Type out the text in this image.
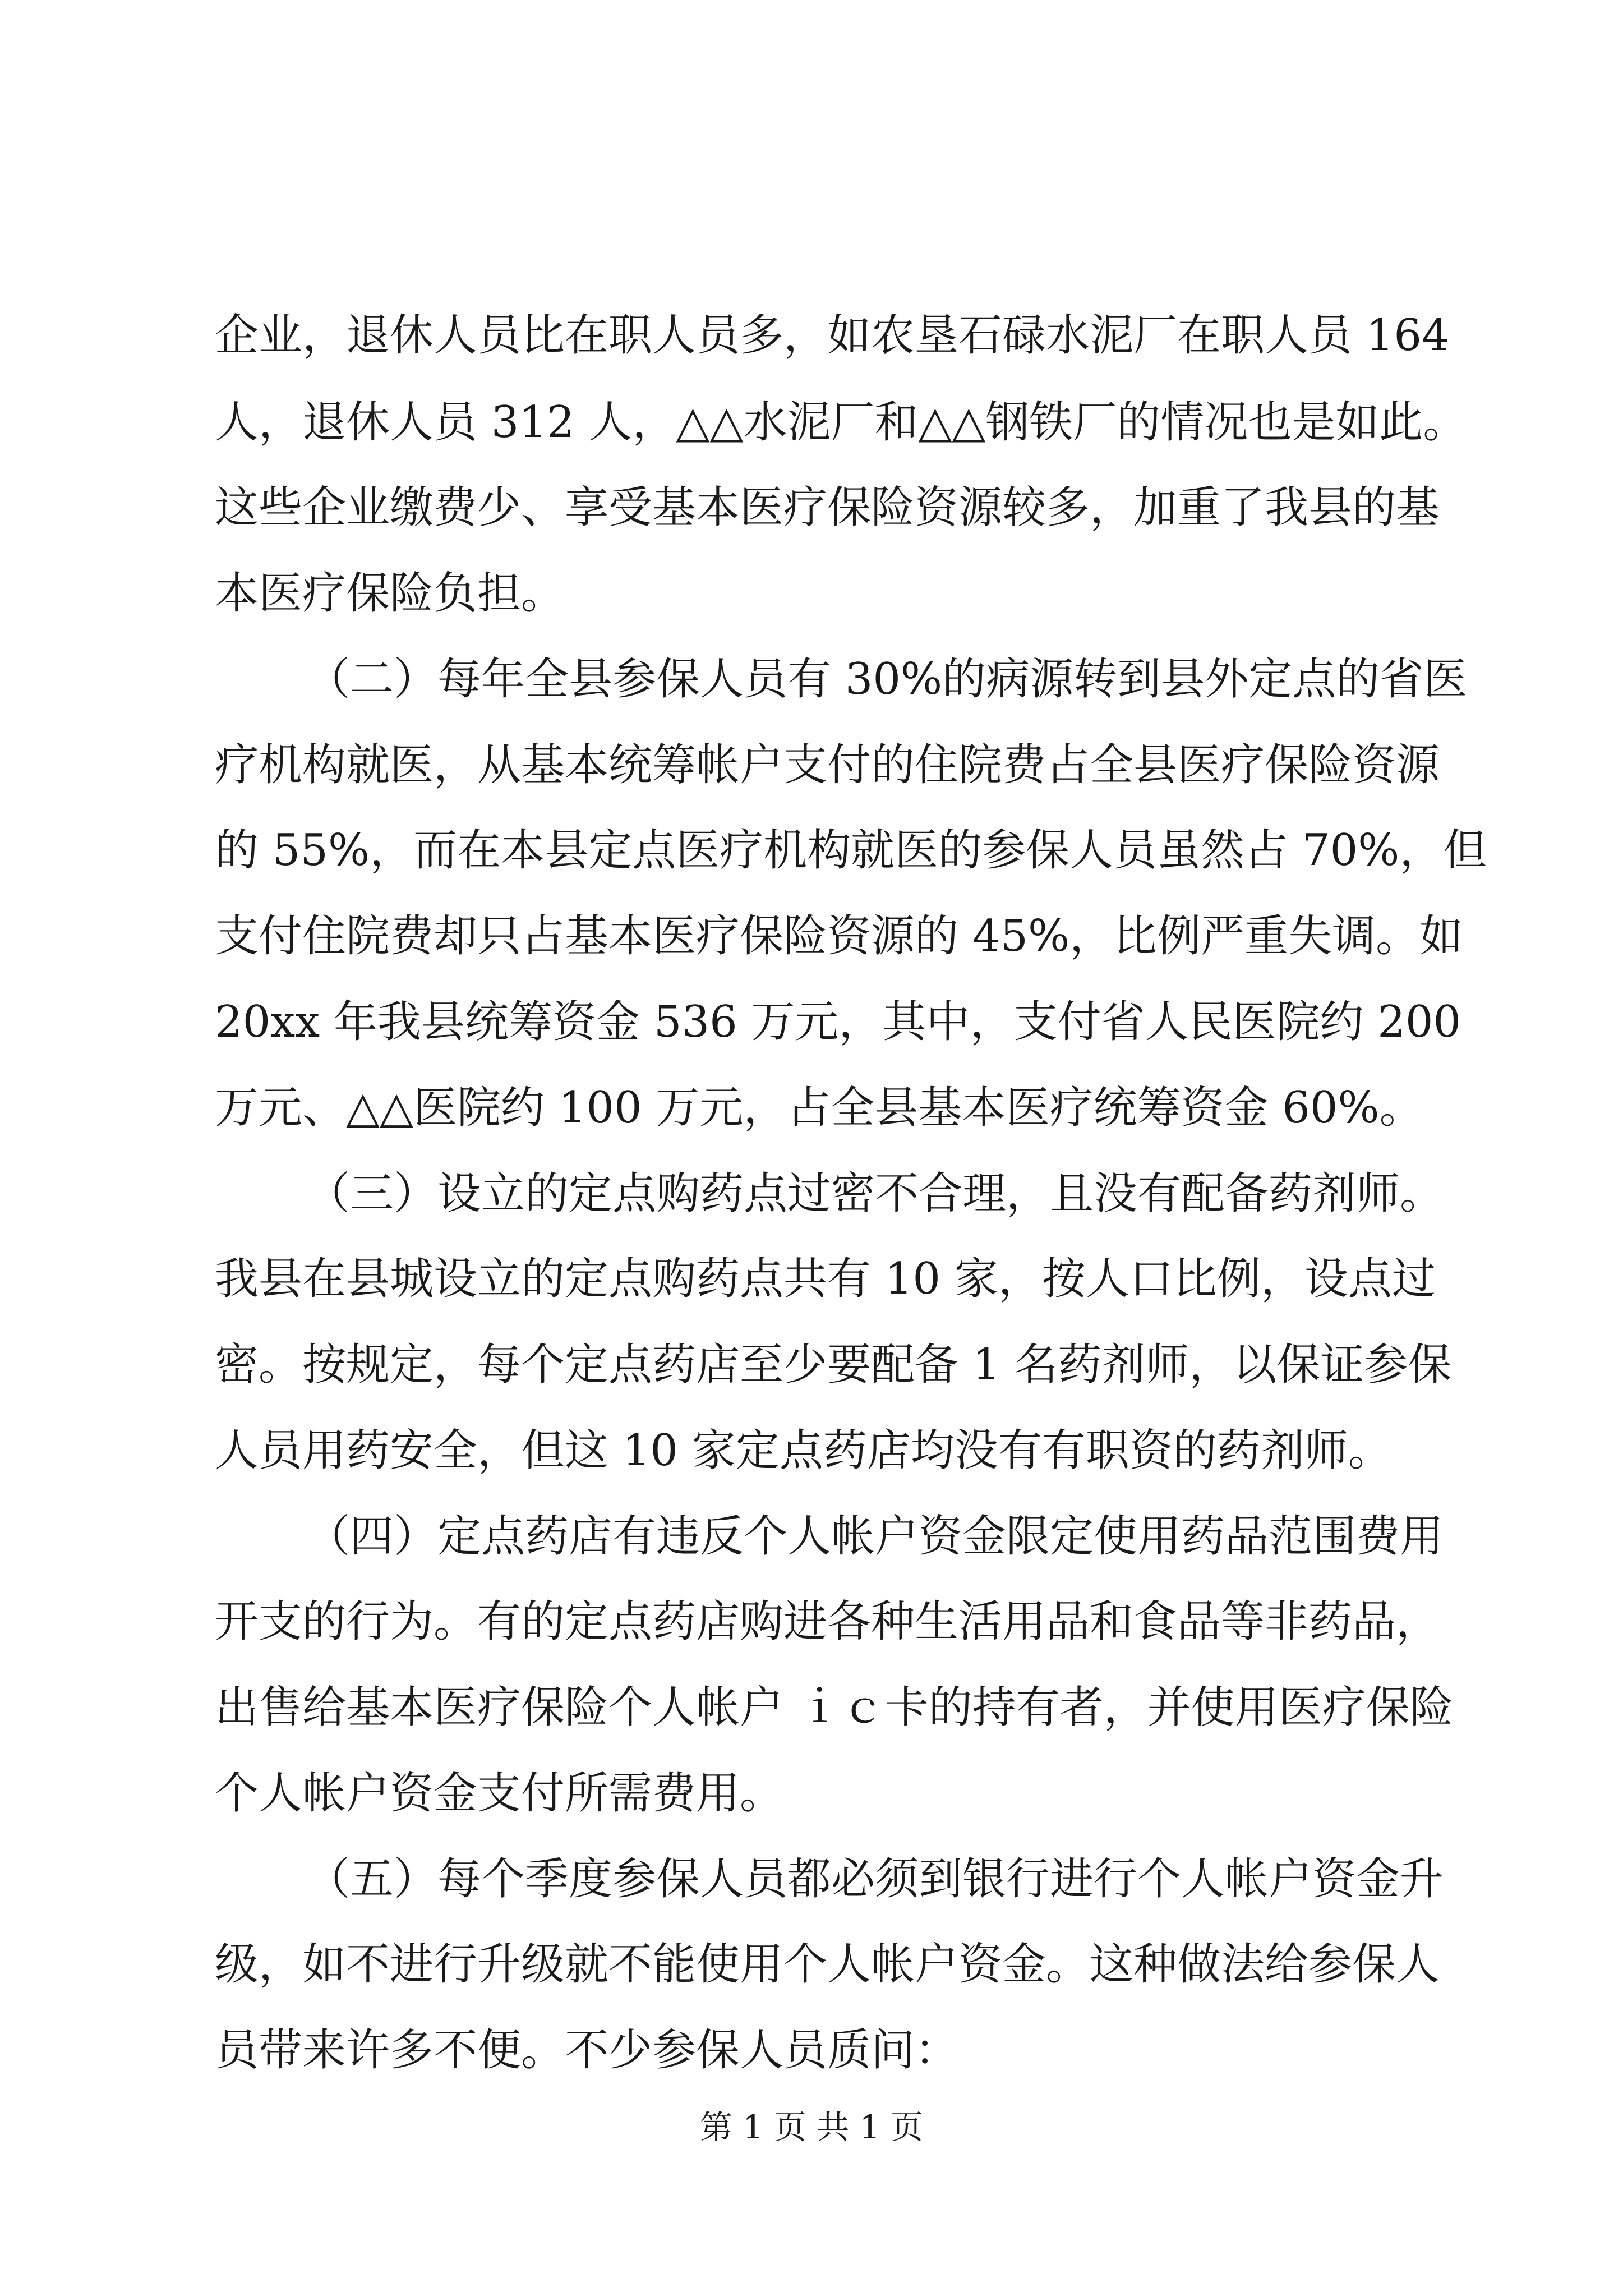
企业，退休人员比在职人员多，如农垦石碌水泥厂在职人员 164
人，退休人员 312 人，△△水泥厂和△△钢铁厂的情况也是如此。
这些企业缴费少、享受基本医疗保险资源较多，加重了我县的基
本医疗保险负担。
（二）每年全县参保人员有 30%的病源转到县外定点的省医
疗机构就医，从基本统筹帐户支付的住院费占全县医疗保险资源
的 55%，而在本县定点医疗机构就医的参保人员虽然占 70%，但
支付住院费却只占基本医疗保险资源的 45%，比例严重失调。如
20xx 年我县统筹资金 536 万元，其中，支付省人民医院约 200
万元、△△医院约 100 万元，占全县基本医疗统筹资金 60%。
（三）设立的定点购药点过密不合理，且没有配备药剂师。
我县在县城设立的定点购药点共有 10 家，按人口比例，设点过
密。按规定，每个定点药店至少要配备 1 名药剂师，以保证参保
人员用药安全，但这 10 家定点药店均没有有职资的药剂师。
（四）定点药店有违反个人帐户资金限定使用药品范围费用
开支的行为。有的定点药店购进各种生活用品和食品等非药品，
出售给基本医疗保险个人帐户 ｉｃ卡的持有者，并使用医疗保险
个人帐户资金支付所需费用。
（五）每个季度参保人员都必须到银行进行个人帐户资金升
级，如不进行升级就不能使用个人帐户资金。这种做法给参保人
员带来许多不便。不少参保人员质问：
第 1 页 共 1 页
